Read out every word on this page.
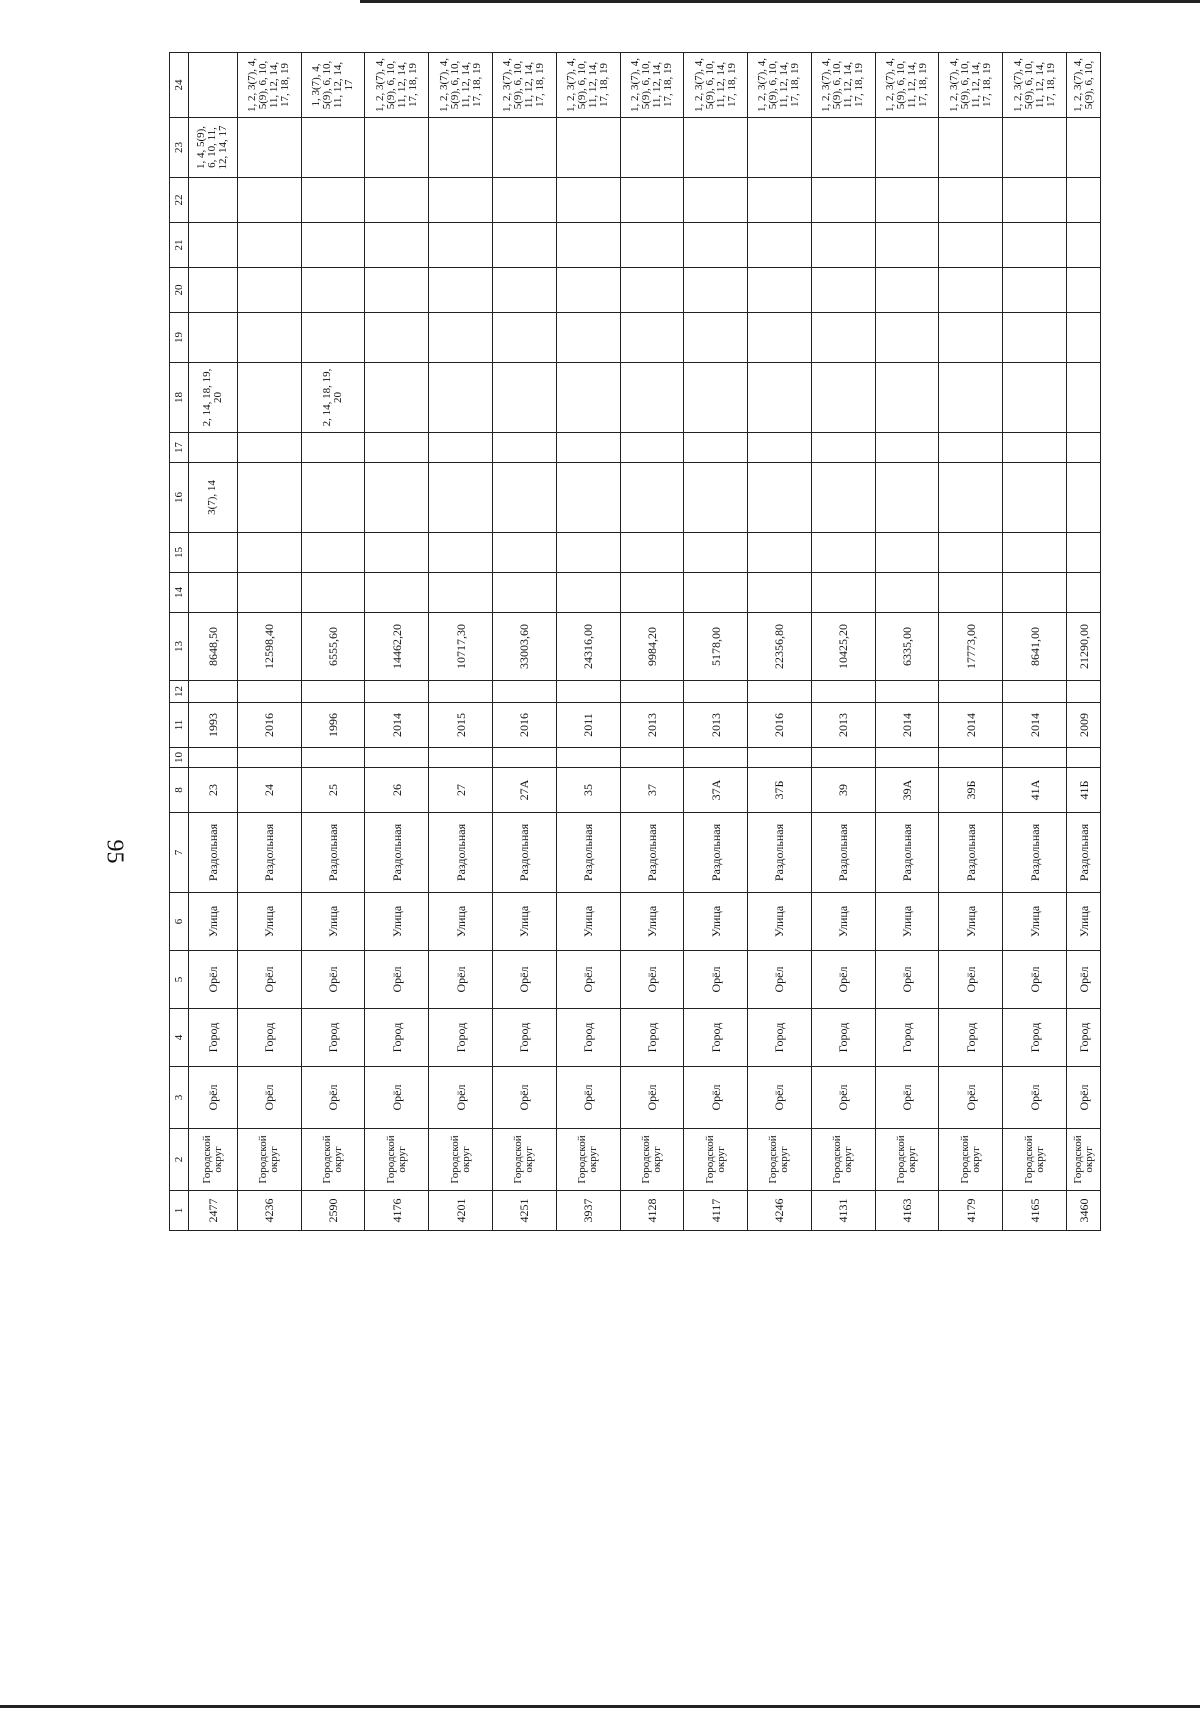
95
1	2	3	4	5	6	7	8	10	11	12	13	14	15	16	17	18	19	20	21	22	23	24
2477	Городской округ	Орёл	Город	Орёл	Улица	Раздольная	23		1993		8648,50			3(7), 14		2, 14, 18, 19, 20					1, 4, 5(9), 6, 10, 11, 12, 14, 17	
4236	Городской округ	Орёл	Город	Орёл	Улица	Раздольная	24		2016		12598,40											1, 2, 3(7), 4, 5(9), 6, 10, 11, 12, 14, 17, 18, 19
2590	Городской округ	Орёл	Город	Орёл	Улица	Раздольная	25		1996		6555,60					2, 14, 18, 19, 20						1, 3(7), 4, 5(9), 6, 10, 11, 12, 14, 17
4176	Городской округ	Орёл	Город	Орёл	Улица	Раздольная	26		2014		14462,20											1, 2, 3(7), 4, 5(9), 6, 10, 11, 12, 14, 17, 18, 19
4201	Городской округ	Орёл	Город	Орёл	Улица	Раздольная	27		2015		10717,30											1, 2, 3(7), 4, 5(9), 6, 10, 11, 12, 14, 17, 18, 19
4251	Городской округ	Орёл	Город	Орёл	Улица	Раздольная	27А		2016		33003,60											1, 2, 3(7), 4, 5(9), 6, 10, 11, 12, 14, 17, 18, 19
3937	Городской округ	Орёл	Город	Орёл	Улица	Раздольная	35		2011		24316,00											1, 2, 3(7), 4, 5(9), 6, 10, 11, 12, 14, 17, 18, 19
4128	Городской округ	Орёл	Город	Орёл	Улица	Раздольная	37		2013		9984,20											1, 2, 3(7), 4, 5(9), 6, 10, 11, 12, 14, 17, 18, 19
4117	Городской округ	Орёл	Город	Орёл	Улица	Раздольная	37А		2013		5178,00											1, 2, 3(7), 4, 5(9), 6, 10, 11, 12, 14, 17, 18, 19
4246	Городской округ	Орёл	Город	Орёл	Улица	Раздольная	37Б		2016		22356,80											1, 2, 3(7), 4, 5(9), 6, 10, 11, 12, 14, 17, 18, 19
4131	Городской округ	Орёл	Город	Орёл	Улица	Раздольная	39		2013		10425,20											1, 2, 3(7), 4, 5(9), 6, 10, 11, 12, 14, 17, 18, 19
4163	Городской округ	Орёл	Город	Орёл	Улица	Раздольная	39А		2014		6335,00											1, 2, 3(7), 4, 5(9), 6, 10, 11, 12, 14, 17, 18, 19
4179	Городской округ	Орёл	Город	Орёл	Улица	Раздольная	39Б		2014		17773,00											1, 2, 3(7), 4, 5(9), 6, 10, 11, 12, 14, 17, 18, 19
4165	Городской округ	Орёл	Город	Орёл	Улица	Раздольная	41А		2014		8641,00											1, 2, 3(7), 4, 5(9), 6, 10, 11, 12, 14, 17, 18, 19
3460	Городской округ	Орёл	Город	Орёл	Улица	Раздольная	41Б		2009		21290,00											1, 2, 3(7), 4, 5(9), 6, 10,
